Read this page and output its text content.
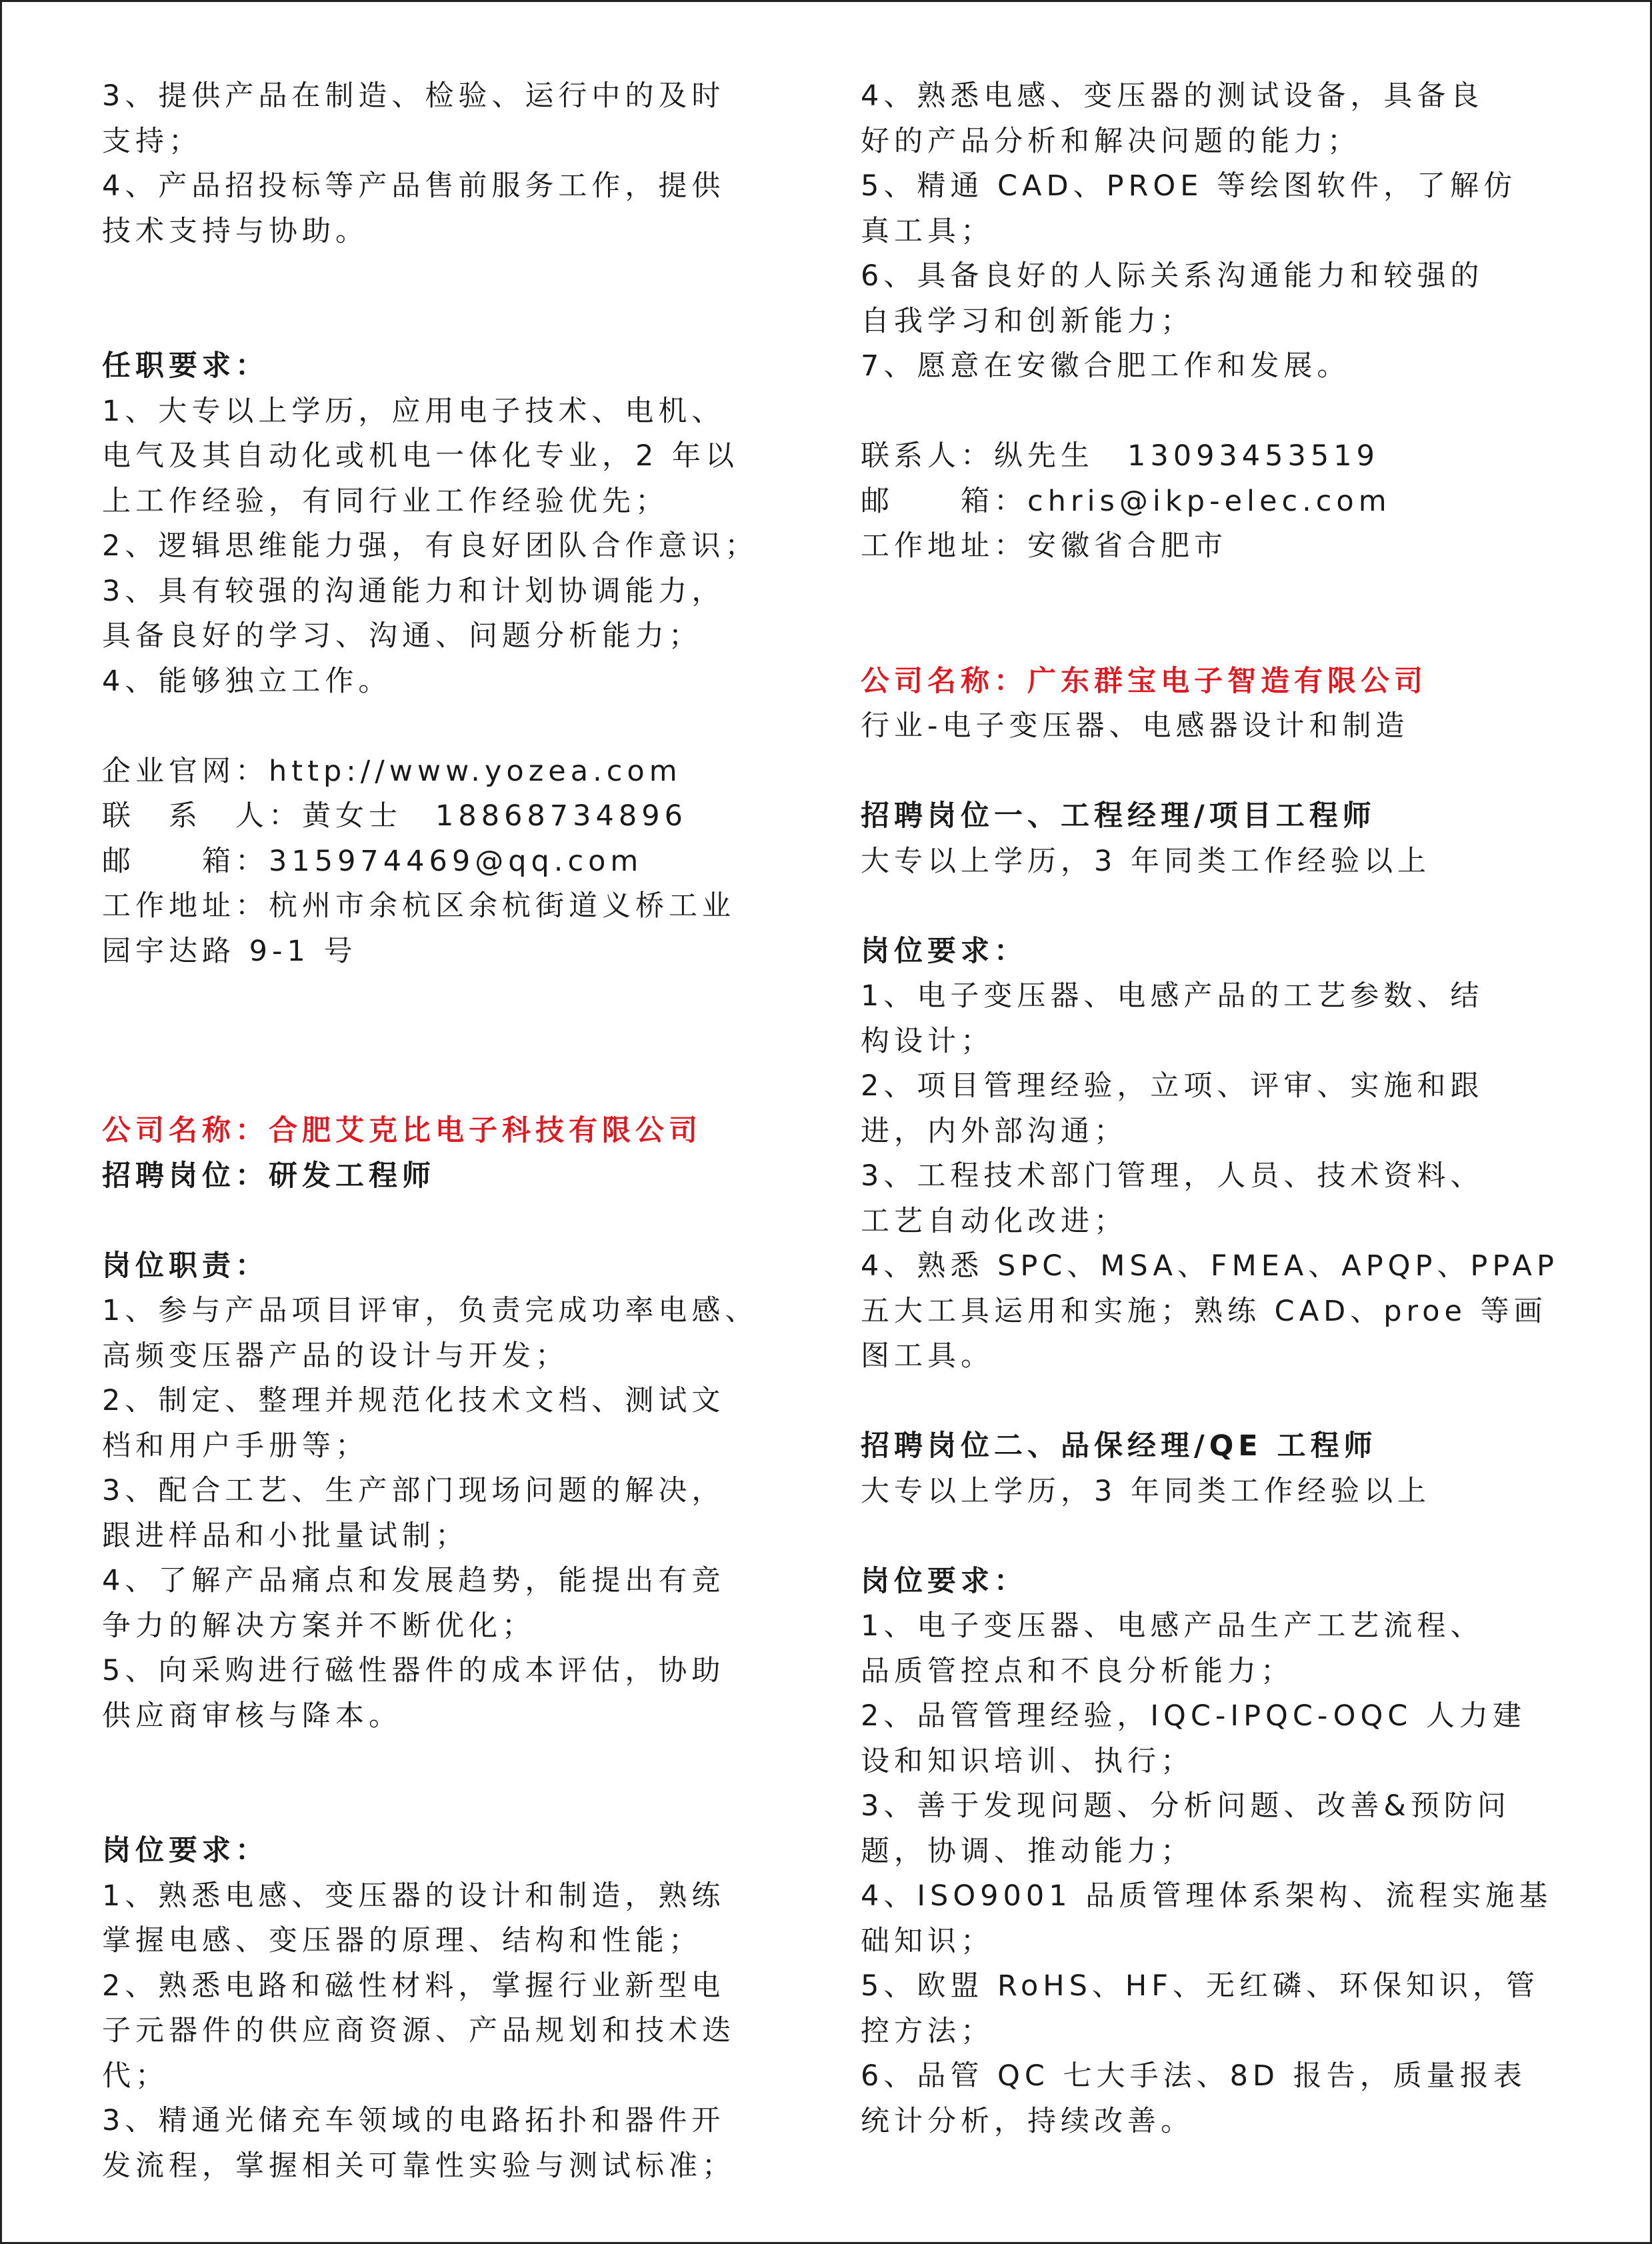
3、提供产品在制造、检验、运行中的及时
支持；
4、产品招投标等产品售前服务工作，提供
技术支持与协助。
任职要求：
1、大专以上学历，应用电子技术、电机、
电气及其自动化或机电一体化专业，2 年以
上工作经验，有同行业工作经验优先；
2、逻辑思维能力强，有良好团队合作意识；
3、具有较强的沟通能力和计划协调能力，
具备良好的学习、沟通、问题分析能力；
4、能够独立工作。
企业官网：http://www.yozea.com
联　系　人：黄女士　18868734896
邮　　箱：315974469@qq.com
工作地址：杭州市余杭区余杭街道义桥工业
园宇达路 9-1 号
公司名称：合肥艾克比电子科技有限公司
招聘岗位：研发工程师
岗位职责：
1、参与产品项目评审，负责完成功率电感、
高频变压器产品的设计与开发；
2、制定、整理并规范化技术文档、测试文
档和用户手册等；
3、配合工艺、生产部门现场问题的解决，
跟进样品和小批量试制；
4、了解产品痛点和发展趋势，能提出有竞
争力的解决方案并不断优化；
5、向采购进行磁性器件的成本评估，协助
供应商审核与降本。
岗位要求：
1、熟悉电感、变压器的设计和制造，熟练
掌握电感、变压器的原理、结构和性能；
2、熟悉电路和磁性材料，掌握行业新型电
子元器件的供应商资源、产品规划和技术迭
代；
3、精通光储充车领域的电路拓扑和器件开
发流程，掌握相关可靠性实验与测试标准；
4、熟悉电感、变压器的测试设备，具备良
好的产品分析和解决问题的能力；
5、精通 CAD、PROE 等绘图软件，了解仿
真工具；
6、具备良好的人际关系沟通能力和较强的
自我学习和创新能力；
7、愿意在安徽合肥工作和发展。
联系人：纵先生　13093453519
邮　　箱：chris@ikp-elec.com
工作地址：安徽省合肥市
公司名称：广东群宝电子智造有限公司
行业-电子变压器、电感器设计和制造
招聘岗位一、工程经理/项目工程师
大专以上学历，3 年同类工作经验以上
岗位要求：
1、电子变压器、电感产品的工艺参数、结
构设计；
2、项目管理经验，立项、评审、实施和跟
进，内外部沟通；
3、工程技术部门管理，人员、技术资料、
工艺自动化改进；
4、熟悉 SPC、MSA、FMEA、APQP、PPAP
五大工具运用和实施；熟练 CAD、proe 等画
图工具。
招聘岗位二、品保经理/QE 工程师
大专以上学历，3 年同类工作经验以上
岗位要求：
1、电子变压器、电感产品生产工艺流程、
品质管控点和不良分析能力；
2、品管管理经验，IQC-IPQC-OQC 人力建
设和知识培训、执行；
3、善于发现问题、分析问题、改善&预防问
题，协调、推动能力；
4、ISO9001 品质管理体系架构、流程实施基
础知识；
5、欧盟 RoHS、HF、无红磷、环保知识，管
控方法；
6、品管 QC 七大手法、8D 报告，质量报表
统计分析，持续改善。
